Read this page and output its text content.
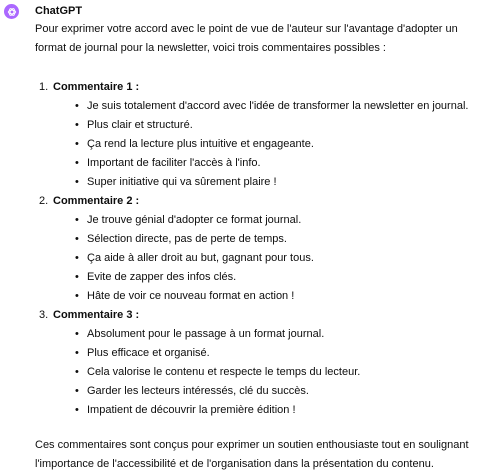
ChatGPT

Pour exprimer votre accord avec le point de vue de l'auteur sur l'avantage d'adopter un format de journal pour la newsletter, voici trois commentaires possibles :

1. Commentaire 1 :
• Je suis totalement d'accord avec l'idée de transformer la newsletter en journal.
• Plus clair et structuré.
• Ça rend la lecture plus intuitive et engageante.
• Important de faciliter l'accès à l'info.
• Super initiative qui va sûrement plaire !
2. Commentaire 2 :
• Je trouve génial d'adopter ce format journal.
• Sélection directe, pas de perte de temps.
• Ça aide à aller droit au but, gagnant pour tous.
• Evite de zapper des infos clés.
• Hâte de voir ce nouveau format en action !
3. Commentaire 3 :
• Absolument pour le passage à un format journal.
• Plus efficace et organisé.
• Cela valorise le contenu et respecte le temps du lecteur.
• Garder les lecteurs intéressés, clé du succès.
• Impatient de découvrir la première édition !

Ces commentaires sont conçus pour exprimer un soutien enthousiaste tout en soulignant l'importance de l'accessibilité et de l'organisation dans la présentation du contenu.
